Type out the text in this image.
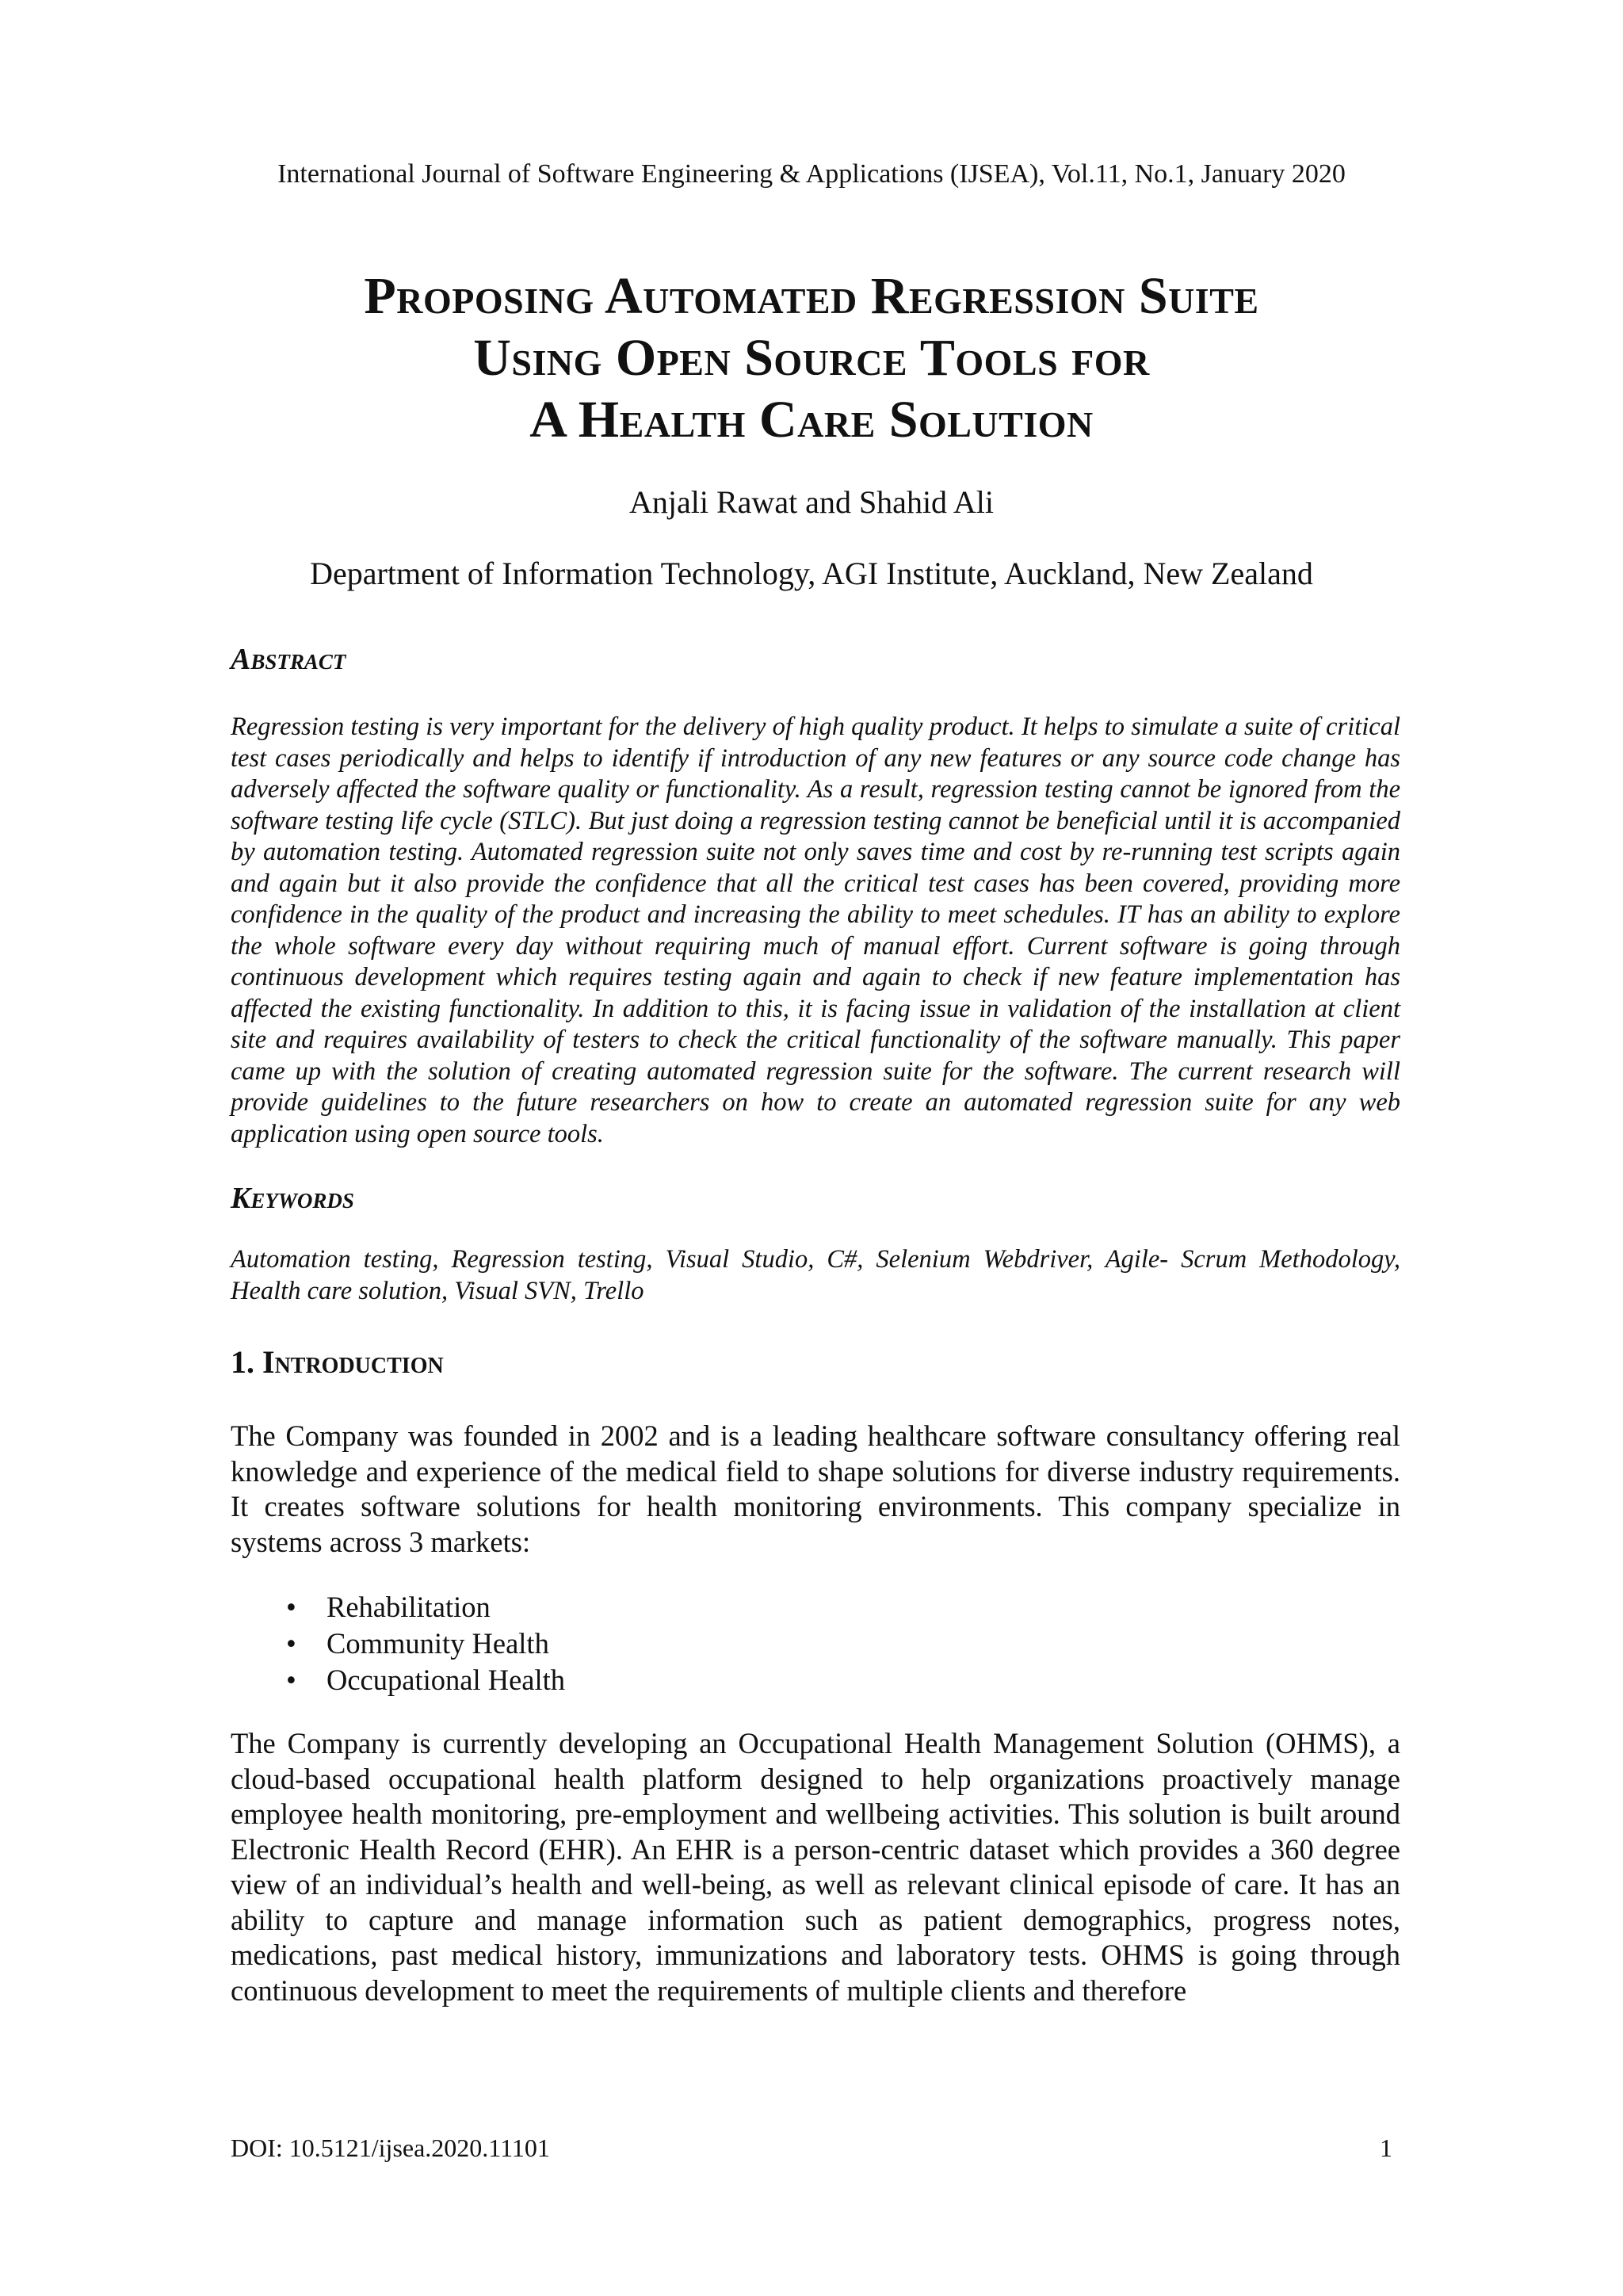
International Journal of Software Engineering & Applications (IJSEA), Vol.11, No.1, January 2020
Proposing Automated Regression Suite
Using Open Source Tools for
A Health Care Solution
Anjali Rawat and Shahid Ali
Department of Information Technology, AGI Institute, Auckland, New Zealand
Abstract

Regression testing is very important for the delivery of high quality product. It helps to simulate a suite of critical test cases periodically and helps to identify if introduction of any new features or any source code change has adversely affected the software quality or functionality. As a result, regression testing cannot be ignored from the software testing life cycle (STLC). But just doing a regression testing cannot be beneficial until it is accompanied by automation testing. Automated regression suite not only saves time and cost by re-running test scripts again and again but it also provide the confidence that all the critical test cases has been covered, providing more confidence in the quality of the product and increasing the ability to meet schedules. IT has an ability to explore the whole software every day without requiring much of manual effort. Current software is going through continuous development which requires testing again and again to check if new feature implementation has affected the existing functionality. In addition to this, it is facing issue in validation of the installation at client site and requires availability of testers to check the critical functionality of the software manually. This paper came up with the solution of creating automated regression suite for the software. The current research will provide guidelines to the future researchers on how to create an automated regression suite for any web application using open source tools.

Keywords

Automation testing, Regression testing, Visual Studio, C#, Selenium Webdriver, Agile- Scrum Methodology, Health care solution, Visual SVN, Trello

1. Introduction

The Company was founded in 2002 and is a leading healthcare software consultancy offering real knowledge and experience of the medical field to shape solutions for diverse industry requirements. It creates software solutions for health monitoring environments. This company specialize in systems across 3 markets:

• Rehabilitation
• Community Health
• Occupational Health

The Company is currently developing an Occupational Health Management Solution (OHMS), a cloud-based occupational health platform designed to help organizations proactively manage employee health monitoring, pre-employment and wellbeing activities. This solution is built around Electronic Health Record (EHR). An EHR is a person-centric dataset which provides a 360 degree view of an individual’s health and well-being, as well as relevant clinical episode of care. It has an ability to capture and manage information such as patient demographics, progress notes, medications, past medical history, immunizations and laboratory tests. OHMS is going through continuous development to meet the requirements of multiple clients and therefore

DOI: 10.5121/ijsea.2020.11101	1
